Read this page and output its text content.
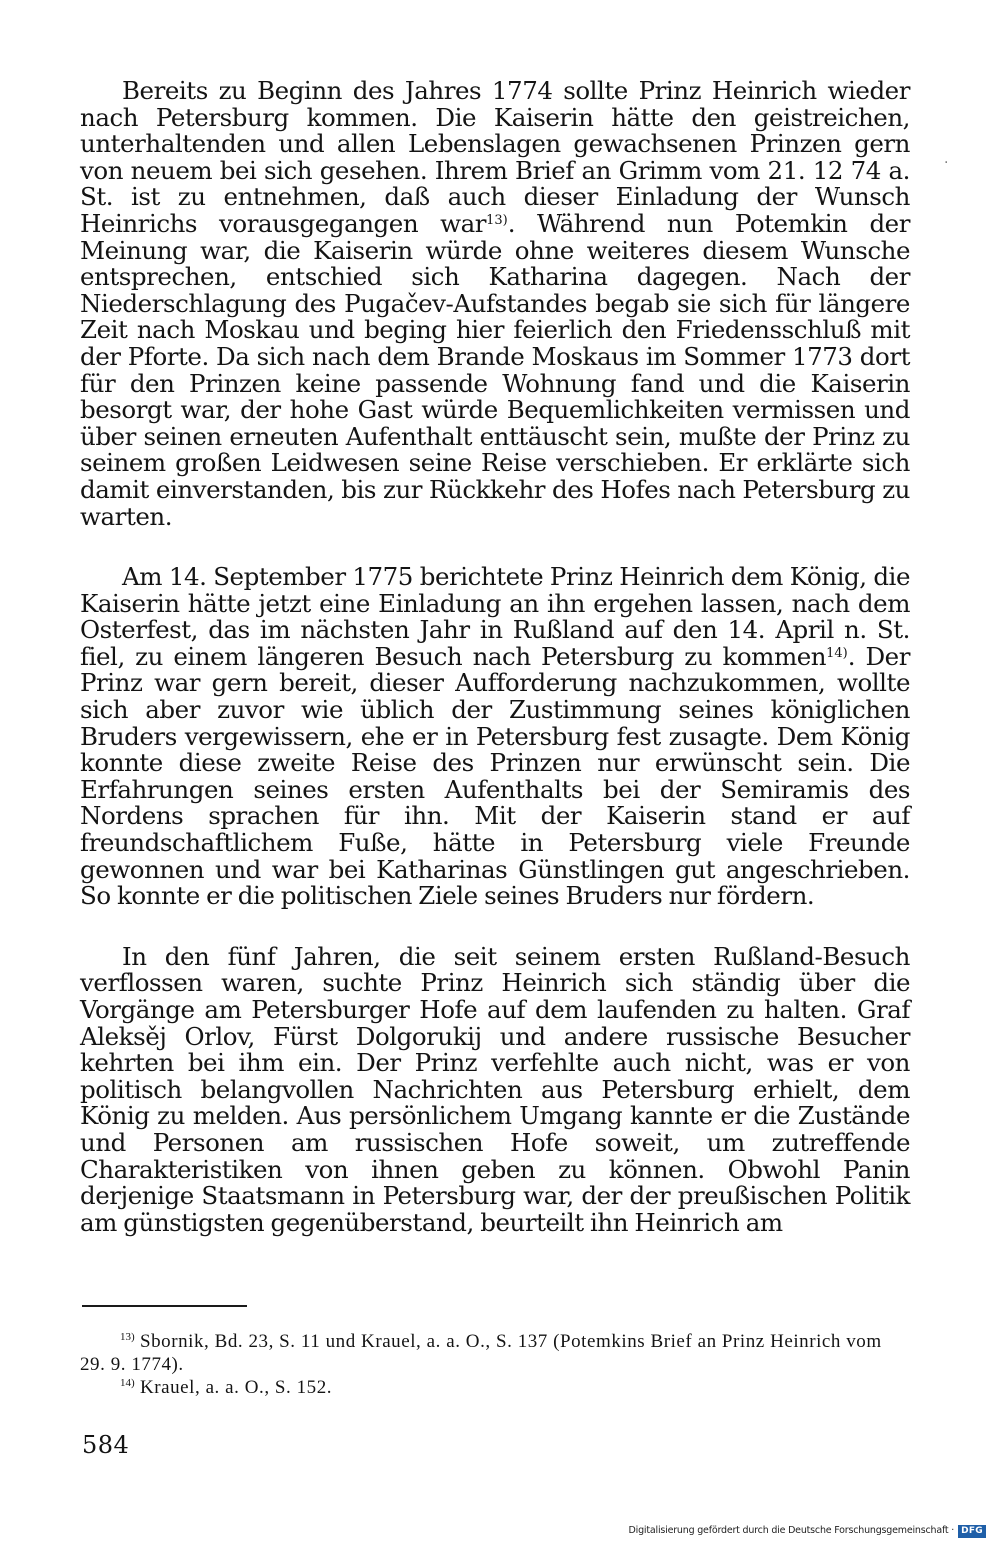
Bereits zu Beginn des Jahres 1774 sollte Prinz Heinrich wieder nach Petersburg kommen. Die Kaiserin hätte den geistreichen, unterhaltenden und allen Lebenslagen gewachsenen Prinzen gern von neuem bei sich gesehen. Ihrem Brief an Grimm vom 21. 12 74 a. St. ist zu entnehmen, daß auch dieser Einladung der Wunsch Heinrichs vorausgegangen war$^{13)}$. Während nun Potemkin der Meinung war, die Kaiserin würde ohne weiteres diesem Wunsche entsprechen, entschied sich Katharina dagegen. Nach der Niederschlagung des Pugačev-Aufstandes begab sie sich für längere Zeit nach Moskau und beging hier feierlich den Friedensschluß mit der Pforte. Da sich nach dem Brande Moskaus im Sommer 1773 dort für den Prinzen keine passende Wohnung fand und die Kaiserin besorgt war, der hohe Gast würde Bequemlichkeiten vermissen und über seinen erneuten Aufenthalt enttäuscht sein, mußte der Prinz zu seinem großen Leidwesen seine Reise verschieben. Er erklärte sich damit einverstanden, bis zur Rückkehr des Hofes nach Petersburg zu warten.

Am 14. September 1775 berichtete Prinz Heinrich dem König, die Kaiserin hätte jetzt eine Einladung an ihn ergehen lassen, nach dem Osterfest, das im nächsten Jahr in Rußland auf den 14. April n. St. fiel, zu einem längeren Besuch nach Petersburg zu kommen$^{14)}$. Der Prinz war gern bereit, dieser Aufforderung nachzukommen, wollte sich aber zuvor wie üblich der Zustimmung seines königlichen Bruders vergewissern, ehe er in Petersburg fest zusagte. Dem König konnte diese zweite Reise des Prinzen nur erwünscht sein. Die Erfahrungen seines ersten Aufenthalts bei der Semiramis des Nordens sprachen für ihn. Mit der Kaiserin stand er auf freundschaftlichem Fuße, hätte in Petersburg viele Freunde gewonnen und war bei Katharinas Günstlingen gut angeschrieben. So konnte er die politischen Ziele seines Bruders nur fördern.

In den fünf Jahren, die seit seinem ersten Rußland-Besuch verflossen waren, suchte Prinz Heinrich sich ständig über die Vorgänge am Petersburger Hofe auf dem laufenden zu halten. Graf Aleksěj Orlov, Fürst Dolgorukij und andere russische Besucher kehrten bei ihm ein. Der Prinz verfehlte auch nicht, was er von politisch belangvollen Nachrichten aus Petersburg erhielt, dem König zu melden. Aus persönlichem Umgang kannte er die Zustände und Personen am russischen Hofe soweit, um zutreffende Charakteristiken von ihnen geben zu können. Obwohl Panin derjenige Staatsmann in Petersburg war, der der preußischen Politik am günstigsten gegenüberstand, beurteilt ihn Heinrich am

·

$^{13)}$ Sbornik, Bd. 23, S. 11 und Krauel, a. a. O., S. 137 (Potemkins Brief an Prinz Heinrich vom 29. 9. 1774).

$^{14)}$ Krauel, a. a. O., S. 152.

584
Digitalisierung gefördert durch die Deutsche Forschungsgemeinschaft · DFG
